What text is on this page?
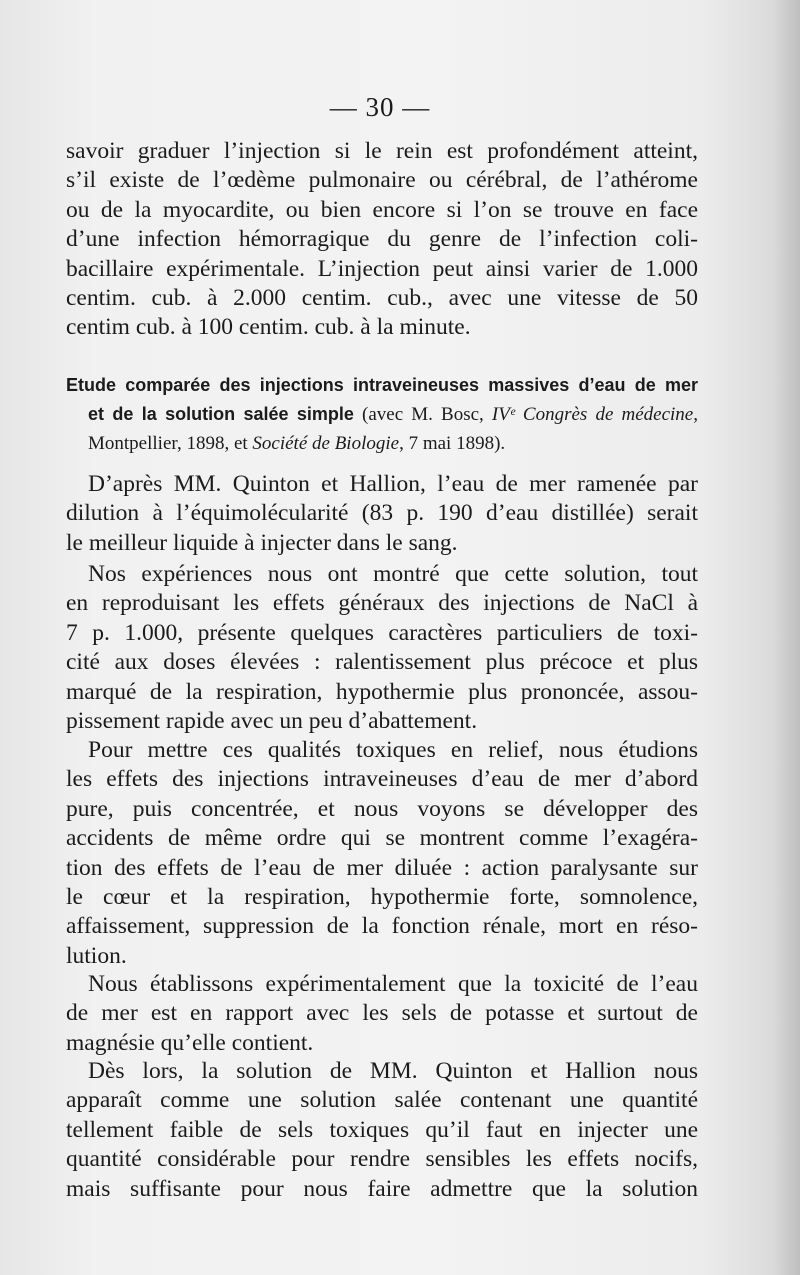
— 30 —

savoir graduer l’injection si le rein est profondément atteint,
s’il existe de l’œdème pulmonaire ou cérébral, de l’athérome
ou de la myocardite, ou bien encore si l’on se trouve en face
d’une infection hémorragique du genre de l’infection coli-
bacillaire expérimentale. L’injection peut ainsi varier de 1.000
centim. cub. à 2.000 centim. cub., avec une vitesse de 50
centim cub. à 100 centim. cub. à la minute.

Etude comparée des injections intraveineuses massives d’eau de mer
et de la solution salée simple (avec M. Bosc, IVᵉ Congrès de médecine,
Montpellier, 1898, et Société de Biologie, 7 mai 1898).

D’après MM. Quinton et Hallion, l’eau de mer ramenée par
dilution à l’équimolécularité (83 p. 190 d’eau distillée) serait
le meilleur liquide à injecter dans le sang.

Nos expériences nous ont montré que cette solution, tout
en reproduisant les effets généraux des injections de NaCl à
7 p. 1.000, présente quelques caractères particuliers de toxi-
cité aux doses élevées : ralentissement plus précoce et plus
marqué de la respiration, hypothermie plus prononcée, assou-
pissement rapide avec un peu d’abattement.

Pour mettre ces qualités toxiques en relief, nous étudions
les effets des injections intraveineuses d’eau de mer d’abord
pure, puis concentrée, et nous voyons se développer des
accidents de même ordre qui se montrent comme l’exagéra-
tion des effets de l’eau de mer diluée : action paralysante sur
le cœur et la respiration, hypothermie forte, somnolence,
affaissement, suppression de la fonction rénale, mort en réso-
lution.

Nous établissons expérimentalement que la toxicité de l’eau
de mer est en rapport avec les sels de potasse et surtout de
magnésie qu’elle contient.

Dès lors, la solution de MM. Quinton et Hallion nous
apparaît comme une solution salée contenant une quantité
tellement faible de sels toxiques qu’il faut en injecter une
quantité considérable pour rendre sensibles les effets nocifs,
mais suffisante pour nous faire admettre que la solution
